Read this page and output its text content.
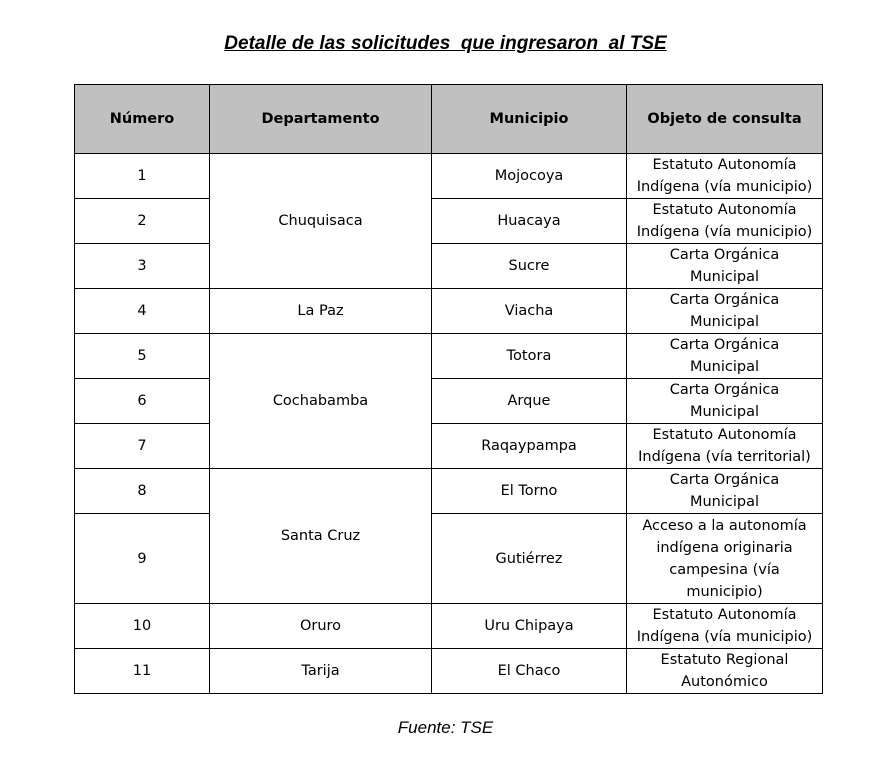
Detalle de las solicitudes  que ingresaron  al TSE
Número	Departamento	Municipio	Objeto de consulta
1	Chuquisaca	Mojocoya	Estatuto Autonomía Indígena (vía municipio)
2		Huacaya	Estatuto Autonomía Indígena (vía municipio)
3		Sucre	Carta Orgánica Municipal
4	La Paz	Viacha	Carta Orgánica Municipal
5	Cochabamba	Totora	Carta Orgánica Municipal
6		Arque	Carta Orgánica Municipal
7		Raqaypampa	Estatuto Autonomía Indígena (vía territorial)
8	Santa Cruz	El Torno	Carta Orgánica Municipal
9		Gutiérrez	Acceso a la autonomía indígena originaria campesina (vía municipio)
10	Oruro	Uru Chipaya	Estatuto Autonomía Indígena (vía municipio)
11	Tarija	El Chaco	Estatuto Regional Autonómico
Fuente: TSE
